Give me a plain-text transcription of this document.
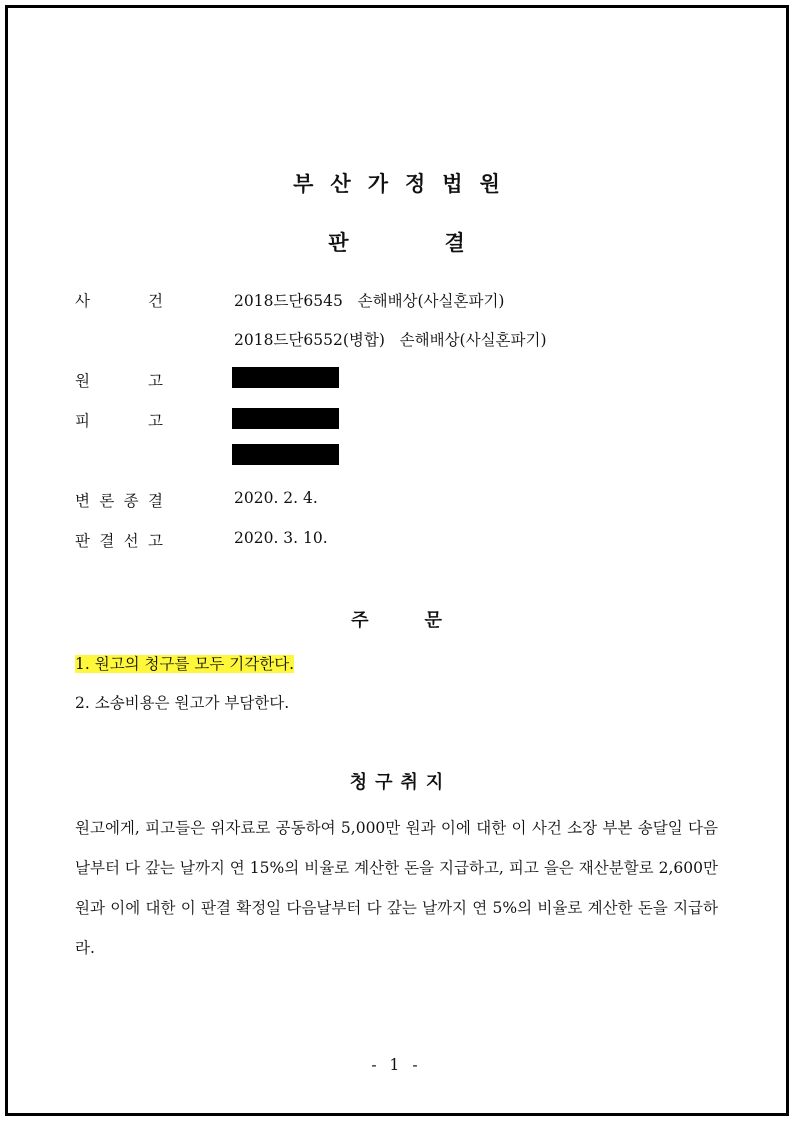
부산가정법원
판결
사	건	2018드단6545   손해배상(사실혼파기)
2018드단6552(병합)   손해배상(사실혼파기)
원	고
피	고
변 론 종 결	2020. 2. 4.
판 결 선 고	2020. 3. 10.
주문
1. 원고의 청구를 모두 기각한다.
2. 소송비용은 원고가 부담한다.
청구취지
원고에게, 피고들은 위자료로 공동하여 5,000만 원과 이에 대한 이 사건 소장 부본 송달일 다음날부터 다 갚는 날까지 연 15%의 비율로 계산한 돈을 지급하고, 피고 을은 재산분할로 2,600만 원과 이에 대한 이 판결 확정일 다음날부터 다 갚는 날까지 연 5%의 비율로 계산한 돈을 지급하라.
- 1 -
